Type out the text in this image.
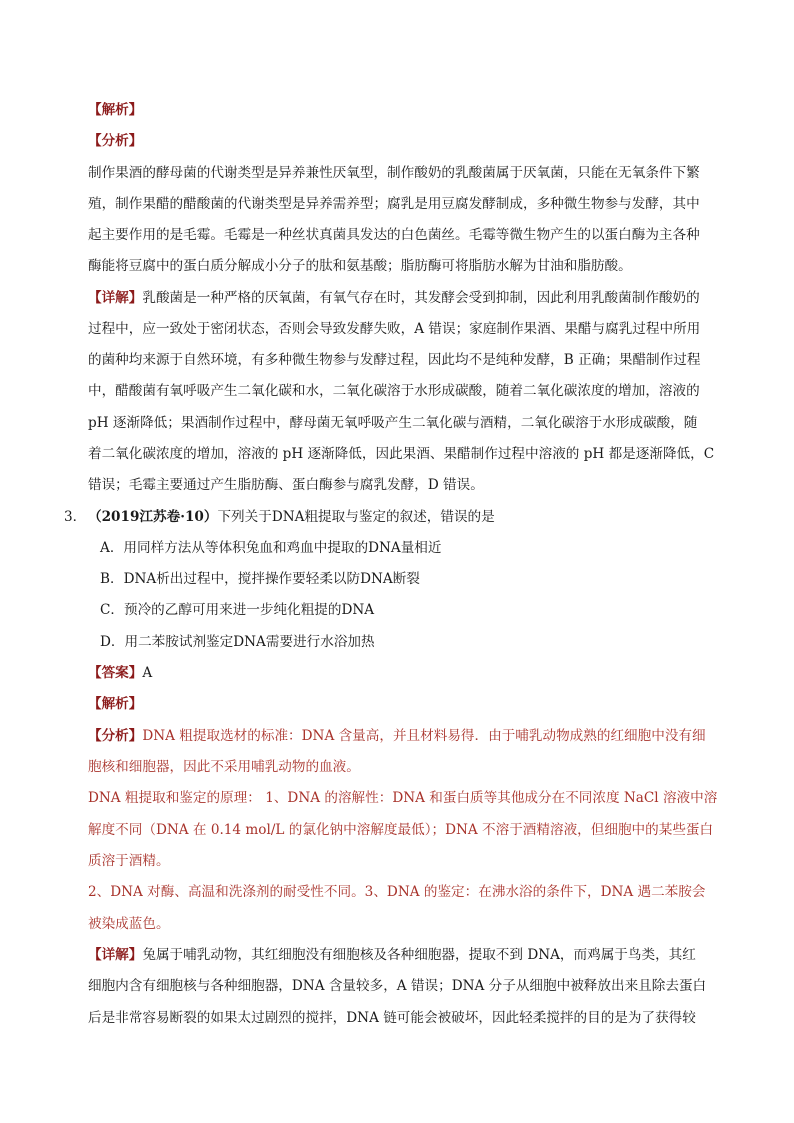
【解析】
【分析】
制作果酒的酵母菌的代谢类型是异养兼性厌氧型，制作酸奶的乳酸菌属于厌氧菌，只能在无氧条件下繁
殖，制作果醋的醋酸菌的代谢类型是异养需养型；腐乳是用豆腐发酵制成，多种微生物参与发酵，其中
起主要作用的是毛霉。毛霉是一种丝状真菌具发达的白色菌丝。毛霉等微生物产生的以蛋白酶为主各种
酶能将豆腐中的蛋白质分解成小分子的肽和氨基酸；脂肪酶可将脂肪水解为甘油和脂肪酸。
【详解】乳酸菌是一种严格的厌氧菌，有氧气存在时，其发酵会受到抑制，因此利用乳酸菌制作酸奶的
过程中，应一致处于密闭状态，否则会导致发酵失败，A 错误；家庭制作果酒、果醋与腐乳过程中所用
的菌种均来源于自然环境，有多种微生物参与发酵过程，因此均不是纯种发酵，B 正确；果醋制作过程
中，醋酸菌有氧呼吸产生二氧化碳和水，二氧化碳溶于水形成碳酸，随着二氧化碳浓度的增加，溶液的
pH 逐渐降低；果酒制作过程中，酵母菌无氧呼吸产生二氧化碳与酒精，二氧化碳溶于水形成碳酸，随
着二氧化碳浓度的增加，溶液的 pH 逐渐降低，因此果酒、果醋制作过程中溶液的 pH 都是逐渐降低，C
错误；毛霉主要通过产生脂肪酶、蛋白酶参与腐乳发酵，D 错误。
3． （2019江苏卷·10）下列关于DNA粗提取与鉴定的叙述，错误的是
A．用同样方法从等体积兔血和鸡血中提取的DNA量相近
B．DNA析出过程中，搅拌操作要轻柔以防DNA断裂
C．预冷的乙醇可用来进一步纯化粗提的DNA
D．用二苯胺试剂鉴定DNA需要进行水浴加热
【答案】A
【解析】
【分析】DNA 粗提取选材的标准：DNA 含量高，并且材料易得．由于哺乳动物成熟的红细胞中没有细
胞核和细胞器，因此不采用哺乳动物的血液。
DNA 粗提取和鉴定的原理： 1、DNA 的溶解性：DNA 和蛋白质等其他成分在不同浓度 NaCl 溶液中溶
解度不同（DNA 在 0.14 mol/L 的氯化钠中溶解度最低）；DNA 不溶于酒精溶液，但细胞中的某些蛋白
质溶于酒精。
2、DNA 对酶、高温和洗涤剂的耐受性不同。3、DNA 的鉴定：在沸水浴的条件下，DNA 遇二苯胺会
被染成蓝色。
【详解】兔属于哺乳动物，其红细胞没有细胞核及各种细胞器，提取不到 DNA，而鸡属于鸟类，其红
细胞内含有细胞核与各种细胞器，DNA 含量较多，A 错误；DNA 分子从细胞中被释放出来且除去蛋白
后是非常容易断裂的如果太过剧烈的搅拌，DNA 链可能会被破坏，因此轻柔搅拌的目的是为了获得较
